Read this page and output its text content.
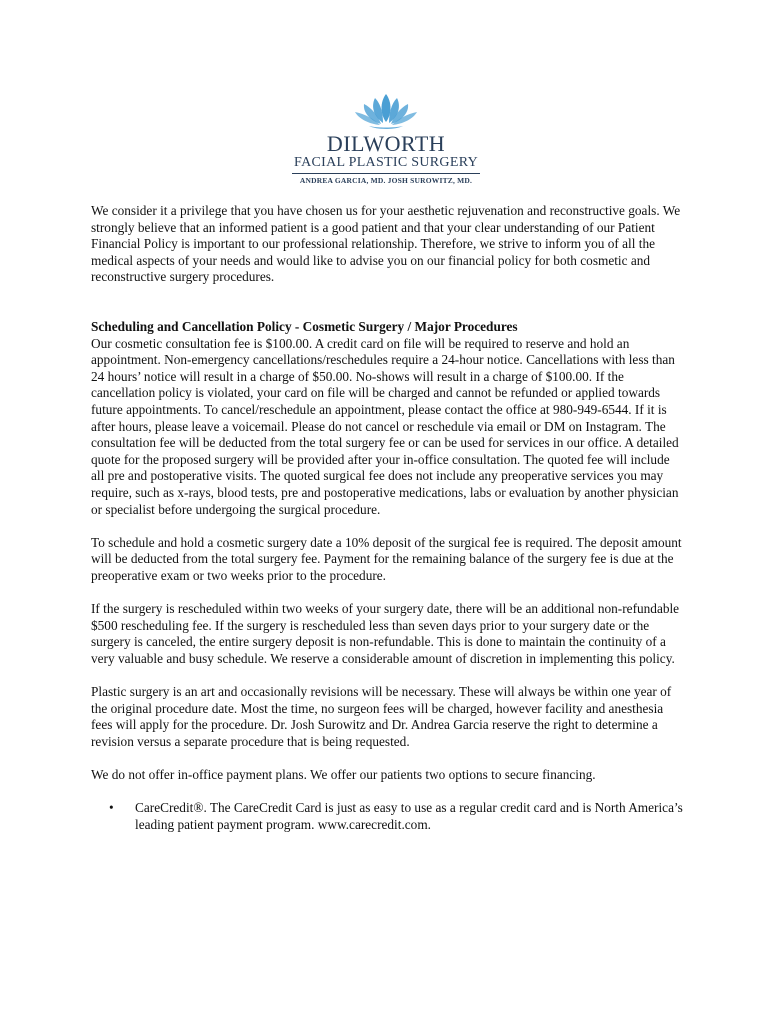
DILWORTH
FACIAL PLASTIC SURGERY
ANDREA GARCIA, MD. JOSH SUROWITZ, MD.

We consider it a privilege that you have chosen us for your aesthetic rejuvenation and reconstructive goals. We strongly believe that an informed patient is a good patient and that your clear understanding of our Patient Financial Policy is important to our professional relationship. Therefore, we strive to inform you of all the medical aspects of your needs and would like to advise you on our financial policy for both cosmetic and reconstructive surgery procedures.

Scheduling and Cancellation Policy - Cosmetic Surgery / Major Procedures

Our cosmetic consultation fee is $100.00. A credit card on file will be required to reserve and hold an appointment. Non-emergency cancellations/reschedules require a 24-hour notice. Cancellations with less than 24 hours’ notice will result in a charge of $50.00. No-shows will result in a charge of $100.00. If the cancellation policy is violated, your card on file will be charged and cannot be refunded or applied towards future appointments. To cancel/reschedule an appointment, please contact the office at 980-949-6544. If it is after hours, please leave a voicemail. Please do not cancel or reschedule via email or DM on Instagram. The consultation fee will be deducted from the total surgery fee or can be used for services in our office. A detailed quote for the proposed surgery will be provided after your in-office consultation. The quoted fee will include all pre and postoperative visits. The quoted surgical fee does not include any preoperative services you may require, such as x-rays, blood tests, pre and postoperative medications, labs or evaluation by another physician or specialist before undergoing the surgical procedure.

To schedule and hold a cosmetic surgery date a 10% deposit of the surgical fee is required. The deposit amount will be deducted from the total surgery fee. Payment for the remaining balance of the surgery fee is due at the preoperative exam or two weeks prior to the procedure.

If the surgery is rescheduled within two weeks of your surgery date, there will be an additional non-refundable $500 rescheduling fee. If the surgery is rescheduled less than seven days prior to your surgery date or the surgery is canceled, the entire surgery deposit is non-refundable. This is done to maintain the continuity of a very valuable and busy schedule. We reserve a considerable amount of discretion in implementing this policy.

Plastic surgery is an art and occasionally revisions will be necessary. These will always be within one year of the original procedure date. Most the time, no surgeon fees will be charged, however facility and anesthesia fees will apply for the procedure. Dr. Josh Surowitz and Dr. Andrea Garcia reserve the right to determine a revision versus a separate procedure that is being requested.

We do not offer in-office payment plans. We offer our patients two options to secure financing.

•	CareCredit®. The CareCredit Card is just as easy to use as a regular credit card and is North America’s leading patient payment program. www.carecredit.com.
